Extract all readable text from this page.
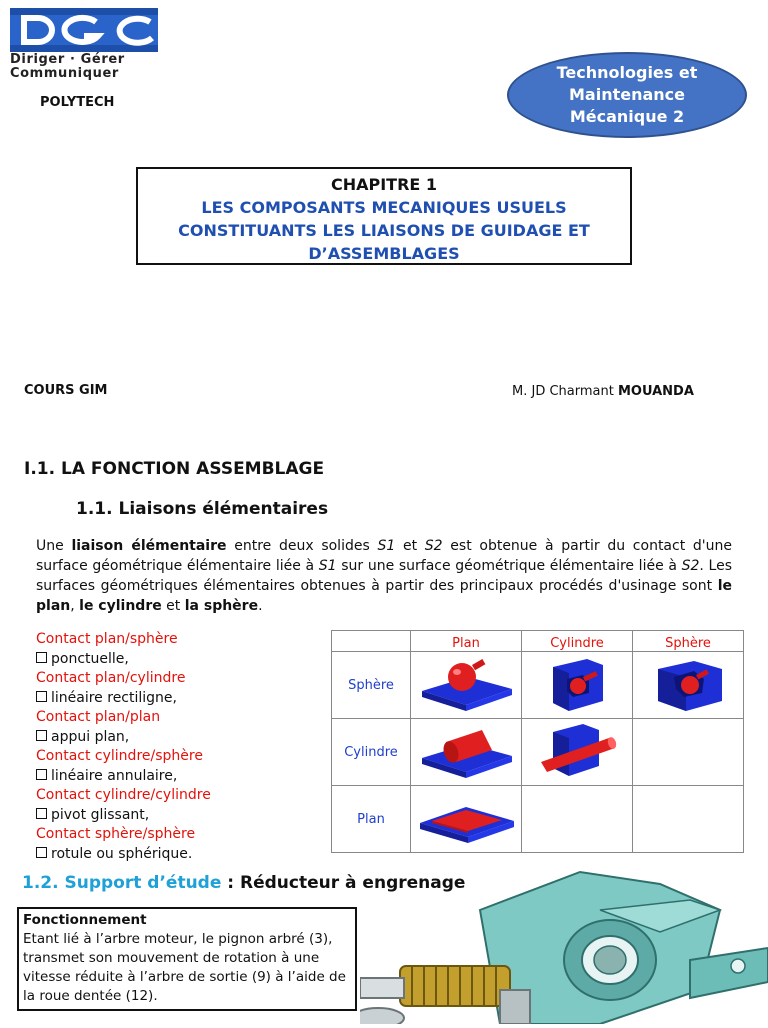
Diriger · Gérer
Communiquer
POLYTECH
Technologies et
Maintenance
Mécanique 2
CHAPITRE 1
LES COMPOSANTS MECANIQUES USUELS
CONSTITUANTS LES LIAISONS DE GUIDAGE ET
D’ASSEMBLAGES
COURS GIM	M. JD Charmant MOUANDA
I.1. LA FONCTION ASSEMBLAGE
1.1. Liaisons élémentaires
Une liaison élémentaire entre deux solides S1 et S2 est obtenue à partir du contact d'une surface géométrique élémentaire liée à S1 sur une surface géométrique élémentaire liée à S2. Les surfaces géométriques élémentaires obtenues à partir des principaux procédés d'usinage sont le plan, le cylindre et la sphère.
Contact plan/sphère
ponctuelle,
Contact plan/cylindre
linéaire rectiligne,
Contact plan/plan
appui plan,
Contact cylindre/sphère
linéaire annulaire,
Contact cylindre/cylindre
pivot glissant,
Contact sphère/sphère
rotule ou sphérique.
	Plan	Cylindre	Sphère
Sphère			
Cylindre			
Plan			
1.2. Support d’étude : Réducteur à engrenage
Fonctionnement
Etant lié à l’arbre moteur, le pignon arbré (3), transmet son mouvement de rotation à une vitesse réduite à l’arbre de sortie (9) à l’aide de la roue dentée (12).
